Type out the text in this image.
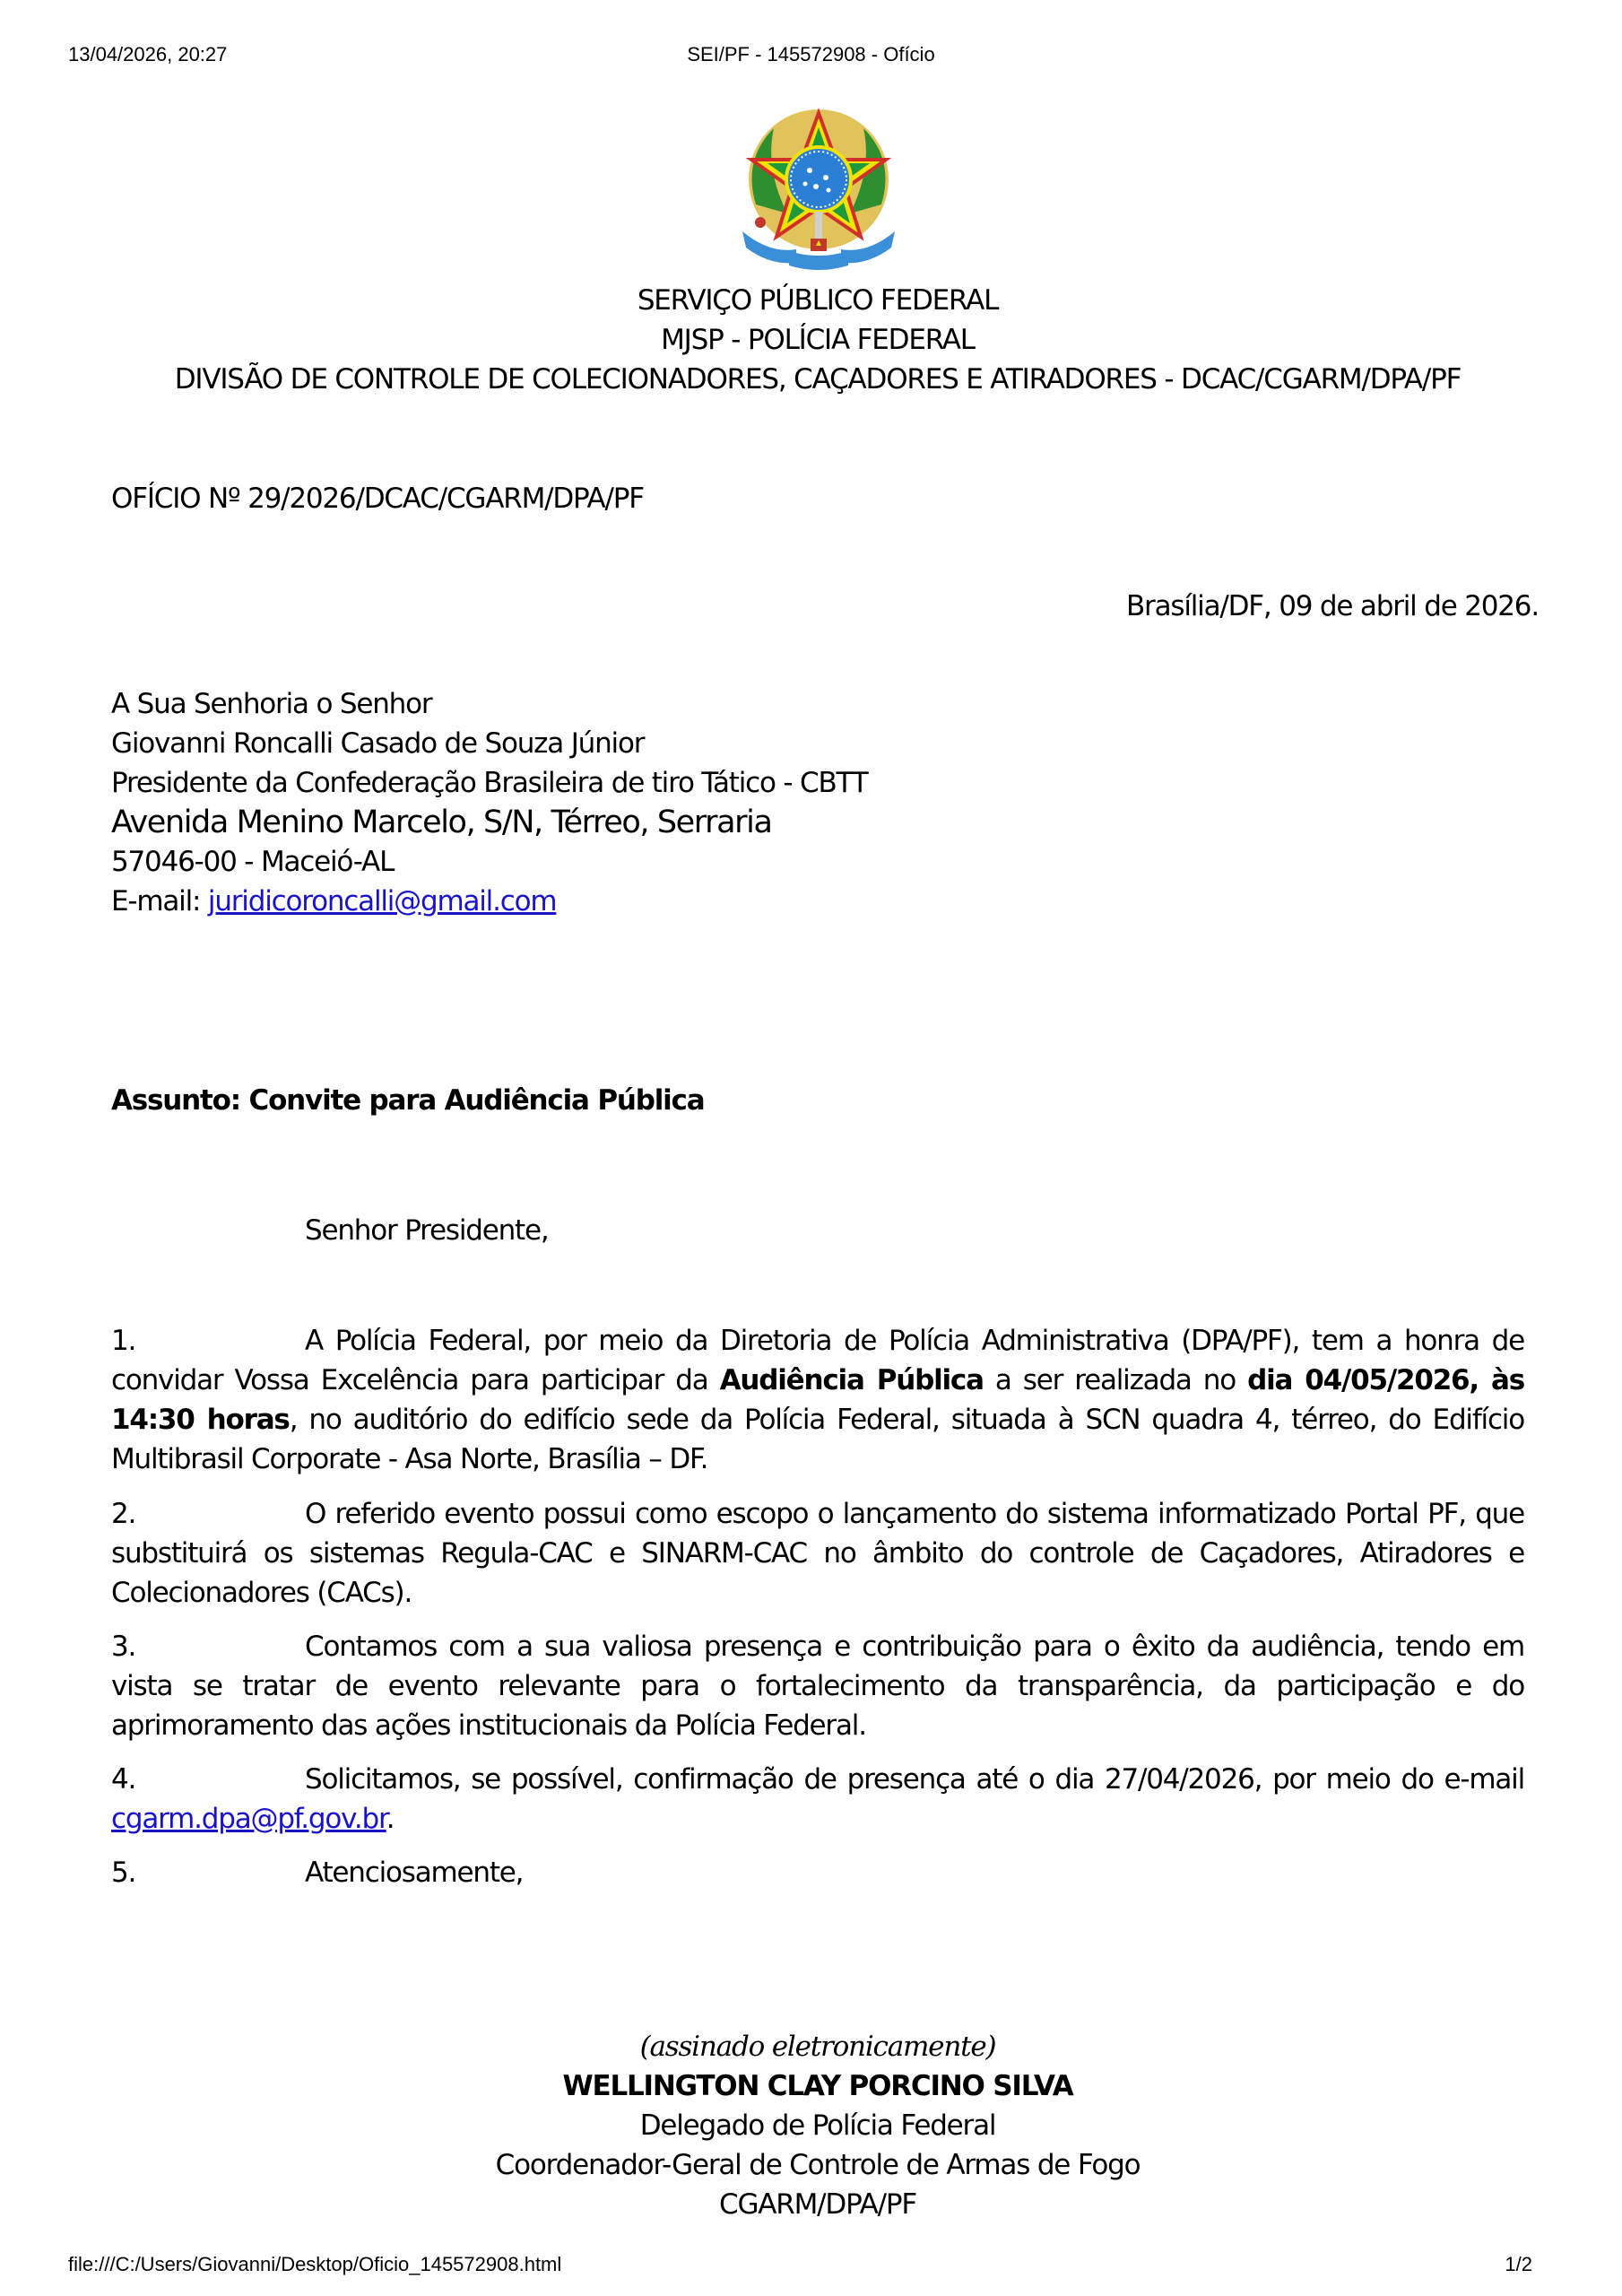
13/04/2026, 20:27	SEI/PF - 145572908 - Ofício
SERVIÇO PÚBLICO FEDERAL
MJSP - POLÍCIA FEDERAL
DIVISÃO DE CONTROLE DE COLECIONADORES, CAÇADORES E ATIRADORES - DCAC/CGARM/DPA/PF
OFÍCIO Nº 29/2026/DCAC/CGARM/DPA/PF
Brasília/DF, 09 de abril de 2026.
A Sua Senhoria o Senhor
Giovanni Roncalli Casado de Souza Júnior
Presidente da Confederação Brasileira de tiro Tático - CBTT
Avenida Menino Marcelo, S/N, Térreo, Serraria
57046-00 - Maceió-AL
E-mail: juridicoroncalli@gmail.com
Assunto: Convite para Audiência Pública
Senhor Presidente,
1.	A Polícia Federal, por meio da Diretoria de Polícia Administrativa (DPA/PF), tem a honra de convidar Vossa Excelência para participar da Audiência Pública a ser realizada no dia 04/05/2026, às 14:30 horas, no auditório do edifício sede da Polícia Federal, situada à SCN quadra 4, térreo, do Edifício Multibrasil Corporate - Asa Norte, Brasília – DF.
2.	O referido evento possui como escopo o lançamento do sistema informatizado Portal PF, que substituirá os sistemas Regula-CAC e SINARM-CAC no âmbito do controle de Caçadores, Atiradores e Colecionadores (CACs).
3.	Contamos com a sua valiosa presença e contribuição para o êxito da audiência, tendo em vista se tratar de evento relevante para o fortalecimento da transparência, da participação e do aprimoramento das ações institucionais da Polícia Federal.
4.	Solicitamos, se possível, confirmação de presença até o dia 27/04/2026, por meio do e-mail cgarm.dpa@pf.gov.br.
5.	Atenciosamente,
(assinado eletronicamente)
WELLINGTON CLAY PORCINO SILVA
Delegado de Polícia Federal
Coordenador-Geral de Controle de Armas de Fogo
CGARM/DPA/PF
file:///C:/Users/Giovanni/Desktop/Oficio_145572908.html	1/2
